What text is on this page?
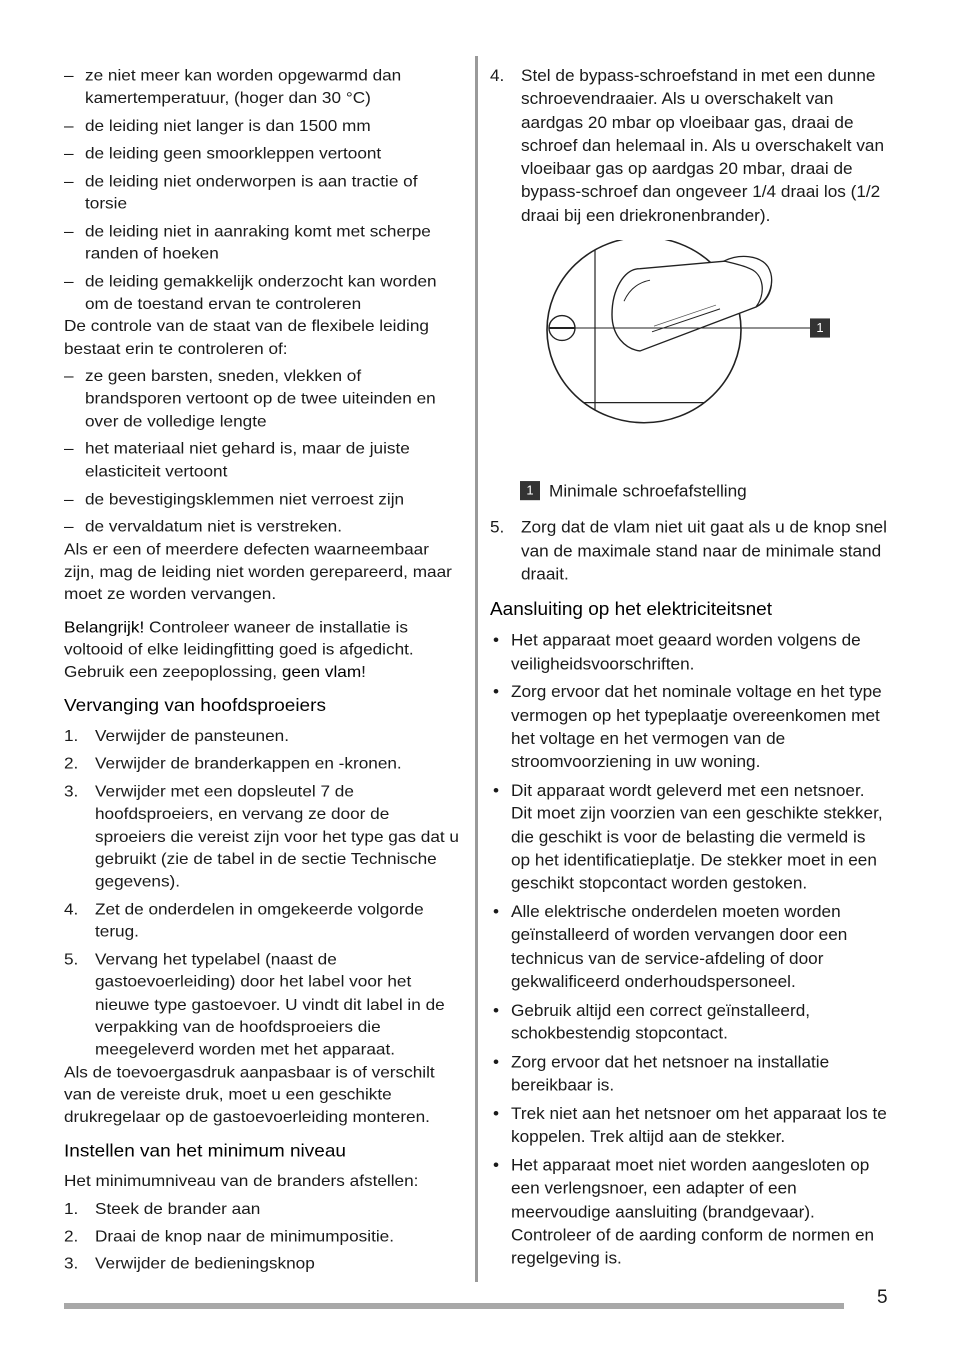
– ze niet meer kan worden opgewarmd dan kamertemperatuur, (hoger dan 30 °C)
– de leiding niet langer is dan 1500 mm
– de leiding geen smoorkleppen vertoont
– de leiding niet onderworpen is aan tractie of torsie
– de leiding niet in aanraking komt met scherpe randen of hoeken
– de leiding gemakkelijk onderzocht kan worden om de toestand ervan te controleren

De controle van de staat van de flexibele leiding bestaat erin te controleren of:

– ze geen barsten, sneden, vlekken of brandsporen vertoont op de twee uiteinden en over de volledige lengte
– het materiaal niet gehard is, maar de juiste elasticiteit vertoont
– de bevestigingsklemmen niet verroest zijn
– de vervaldatum niet is verstreken.

Als er een of meerdere defecten waarneembaar zijn, mag de leiding niet worden gerepareerd, maar moet ze worden vervangen.

Belangrijk! Controleer waneer de installatie is voltooid of elke leidingfitting goed is afgedicht. Gebruik een zeepoplossing, geen vlam!

Vervanging van hoofdsproeiers
1. Verwijder de pansteunen.
2. Verwijder de branderkappen en -kronen.
3. Verwijder met een dopsleutel 7 de hoofdsproeiers, en vervang ze door de sproeiers die vereist zijn voor het type gas dat u gebruikt (zie de tabel in de sectie Technische gegevens).
4. Zet de onderdelen in omgekeerde volgorde terug.
5. Vervang het typelabel (naast de gastoevoerleiding) door het label voor het nieuwe type gastoevoer. U vindt dit label in de verpakking van de hoofdsproeiers die meegeleverd worden met het apparaat.

Als de toevoergasdruk aanpasbaar is of verschilt van de vereiste druk, moet u een geschikte drukregelaar op de gastoevoerleiding monteren.

Instellen van het minimum niveau

Het minimumniveau van de branders afstellen:

1. Steek de brander aan
2. Draai de knop naar de minimumpositie.
3. Verwijder de bedieningsknop
4. Stel de bypass-schroefstand in met een dunne schroevendraaier. Als u overschakelt van aardgas 20 mbar op vloeibaar gas, draai de schroef dan helemaal in. Als u overschakelt van vloeibaar gas op aardgas 20 mbar, draai de bypass-schroef dan ongeveer 1/4 draai los (1/2 draai bij een driekronenbrander).
1
1 Minimale schroefafstelling
5. Zorg dat de vlam niet uit gaat als u de knop snel van de maximale stand naar de minimale stand draait.
Aansluiting op het elektriciteitsnet
• Het apparaat moet geaard worden volgens de veiligheidsvoorschriften.
• Zorg ervoor dat het nominale voltage en het type vermogen op het typeplaatje overeenkomen met het voltage en het vermogen van de stroomvoorziening in uw woning.
• Dit apparaat wordt geleverd met een netsnoer. Dit moet zijn voorzien van een geschikte stekker, die geschikt is voor de belasting die vermeld is op het identificatieplatje. De stekker moet in een geschikt stopcontact worden gestoken.
• Alle elektrische onderdelen moeten worden geïnstalleerd of worden vervangen door een technicus van de service-afdeling of door gekwalificeerd onderhoudspersoneel.
• Gebruik altijd een correct geïnstalleerd, schokbestendig stopcontact.
• Zorg ervoor dat het netsnoer na installatie bereikbaar is.
• Trek niet aan het netsnoer om het apparaat los te koppelen. Trek altijd aan de stekker.
• Het apparaat moet niet worden aangesloten op een verlengsnoer, een adapter of een meervoudige aansluiting (brandgevaar). Controleer of de aarding conform de normen en regelgeving is.
5
